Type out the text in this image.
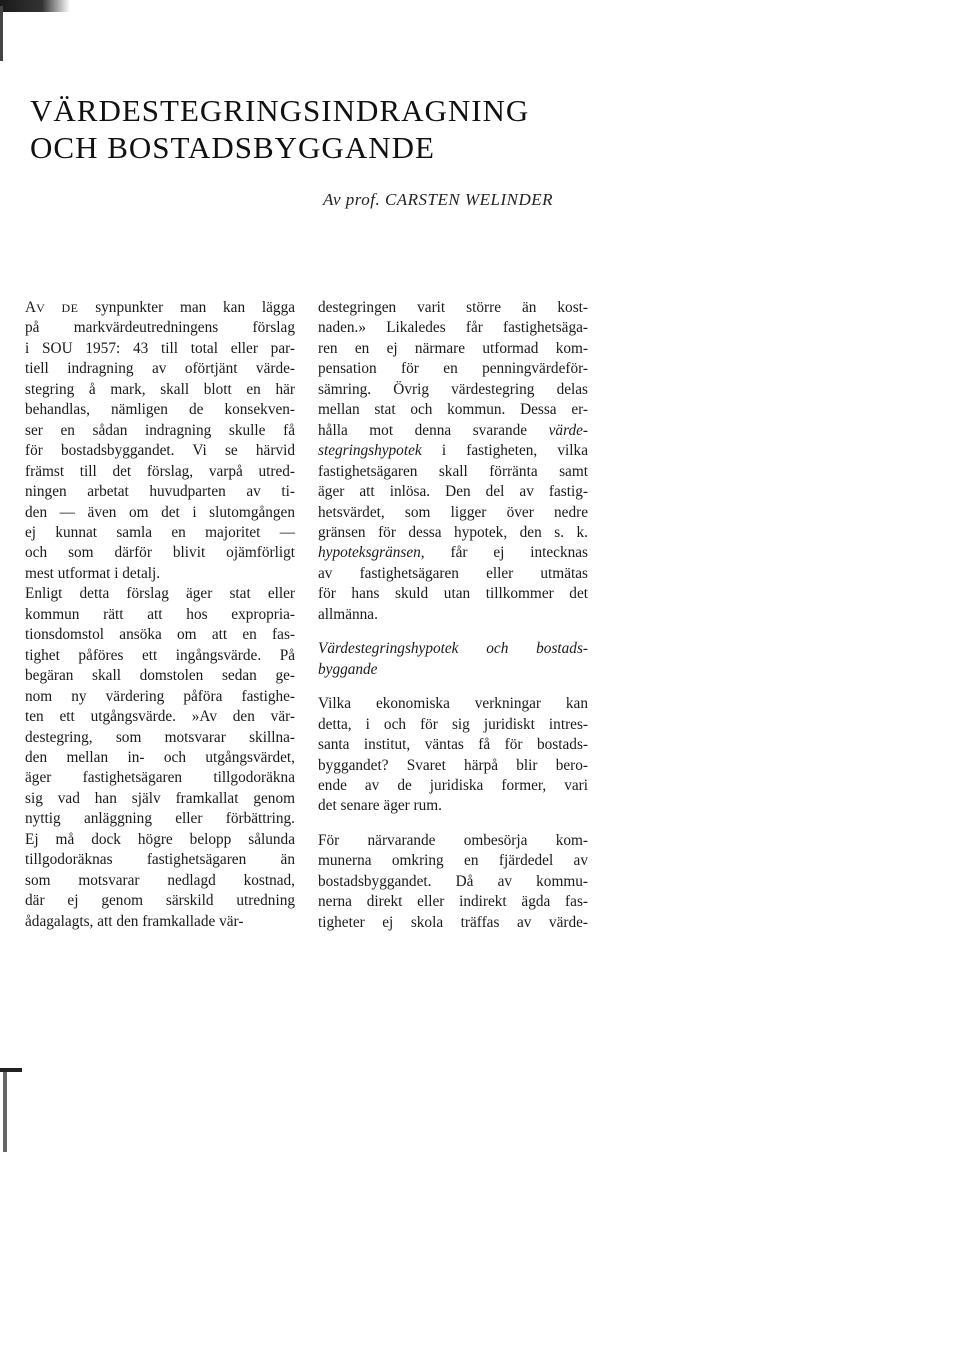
VÄRDESTEGRINGSINDRAGNING
OCH BOSTADSBYGGANDE
Av prof. CARSTEN WELINDER
AV DE synpunkter man kan lägga
på markvärdeutredningens förslag
i SOU 1957: 43 till total eller par-
tiell indragning av oförtjänt värde-
stegring å mark, skall blott en här
behandlas, nämligen de konsekven-
ser en sådan indragning skulle få
för bostadsbyggandet. Vi se härvid
främst till det förslag, varpå utred-
ningen arbetat huvudparten av ti-
den — även om det i slutomgången
ej kunnat samla en majoritet —
och som därför blivit ojämförligt
mest utformat i detalj.
Enligt detta förslag äger stat eller
kommun rätt att hos expropria-
tionsdomstol ansöka om att en fas-
tighet påföres ett ingångsvärde. På
begäran skall domstolen sedan ge-
nom ny värdering påföra fastighe-
ten ett utgångsvärde. »Av den vär-
destegring, som motsvarar skillna-
den mellan in- och utgångsvärdet,
äger fastighetsägaren tillgodoräkna
sig vad han själv framkallat genom
nyttig anläggning eller förbättring.
Ej må dock högre belopp sålunda
tillgodoräknas fastighetsägaren än
som motsvarar nedlagd kostnad,
där ej genom särskild utredning
ådagalagts, att den framkallade vär-
destegringen varit större än kost-
naden.» Likaledes får fastighetsäga-
ren en ej närmare utformad kom-
pensation för en penningvärdeför-
sämring. Övrig värdestegring delas
mellan stat och kommun. Dessa er-
hålla mot denna svarande värde-
stegringshypotek i fastigheten, vilka
fastighetsägaren skall förränta samt
äger att inlösa. Den del av fastig-
hetsvärdet, som ligger över nedre
gränsen för dessa hypotek, den s. k.
hypoteksgränsen, får ej intecknas
av fastighetsägaren eller utmätas
för hans skuld utan tillkommer det
allmänna.
Värdestegringshypotek och bostads-
byggande
Vilka ekonomiska verkningar kan
detta, i och för sig juridiskt intres-
santa institut, väntas få för bostads-
byggandet? Svaret härpå blir bero-
ende av de juridiska former, vari
det senare äger rum.
För närvarande ombesörja kom-
munerna omkring en fjärdedel av
bostadsbyggandet. Då av kommu-
nerna direkt eller indirekt ägda fas-
tigheter ej skola träffas av värde-
